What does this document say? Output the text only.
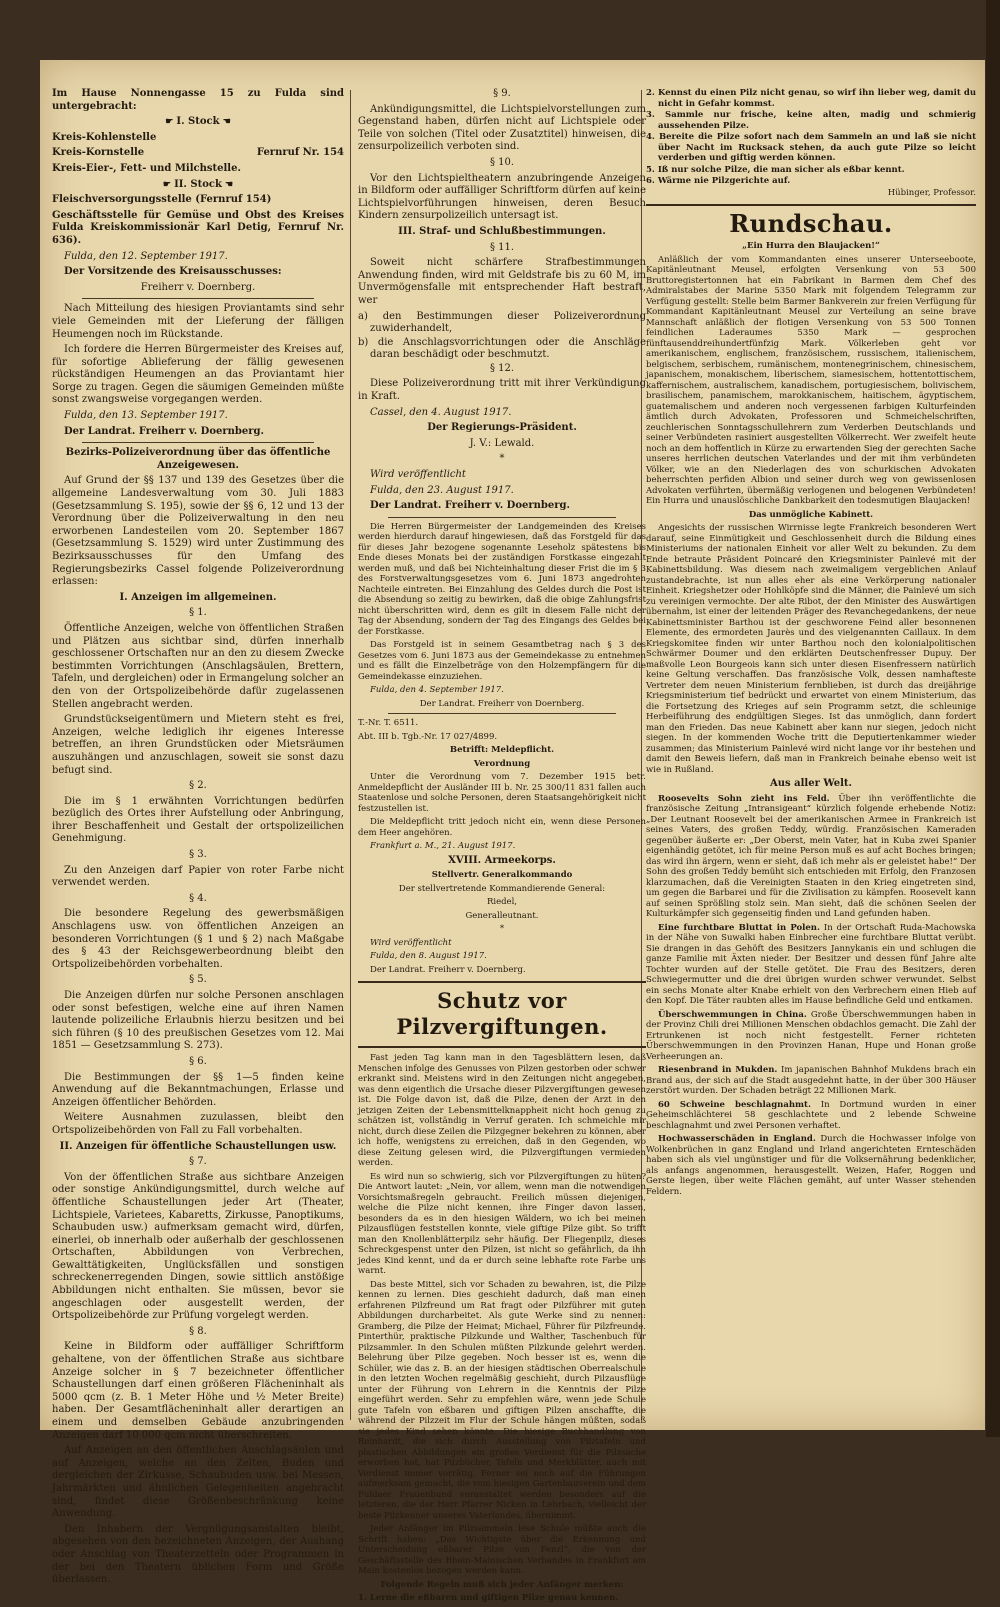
Im Hause Nonnengasse 15 zu Fulda sind untergebracht:

☛ I. Stock ☚

Kreis-Kohlenstelle

Kreis-Kornstelle	Fernruf Nr. 154

Kreis-Eier-, Fett- und Milchstelle.

☛ II. Stock ☚

Fleischversorgungsstelle (Fernruf 154)

Geschäftsstelle für Gemüse und Obst des Kreises Fulda Kreiskommissionär Karl Detig, Fernruf Nr. 636).

Fulda, den 12. September 1917.

Der Vorsitzende des Kreisausschusses:

Freiherr v. Doernberg.

Nach Mitteilung des hiesigen Proviantamts sind sehr viele Gemeinden mit der Lieferung der fälligen Heumengen noch im Rückstande.

Ich fordere die Herren Bürgermeister des Kreises auf, für sofortige Ablieferung der fällig gewesenen rückständigen Heumengen an das Proviantamt hier Sorge zu tragen. Gegen die säumigen Gemeinden müßte sonst zwangsweise vorgegangen werden.

Fulda, den 13. September 1917.

Der Landrat. Freiherr v. Doernberg.

Bezirks-Polizeiverordnung über das öffentliche Anzeigewesen.

Auf Grund der §§ 137 und 139 des Gesetzes über die allgemeine Landesverwaltung vom 30. Juli 1883 (Gesetzsammlung S. 195), sowie der §§ 6, 12 und 13 der Verordnung über die Polizeiverwaltung in den neu erworbenen Landesteilen vom 20. September 1867 (Gesetzsammlung S. 1529) wird unter Zustimmung des Bezirksausschusses für den Umfang des Regierungsbezirks Cassel folgende Polizeiverordnung erlassen:

I. Anzeigen im allgemeinen.

§ 1.

Öffentliche Anzeigen, welche von öffentlichen Straßen und Plätzen aus sichtbar sind, dürfen innerhalb geschlossener Ortschaften nur an den zu diesem Zwecke bestimmten Vorrichtungen (Anschlagsäulen, Brettern, Tafeln, und dergleichen) oder in Ermangelung solcher an den von der Ortspolizeibehörde dafür zugelassenen Stellen angebracht werden.

Grundstückseigentümern und Mietern steht es frei, Anzeigen, welche lediglich ihr eigenes Interesse betreffen, an ihren Grundstücken oder Mietsräumen auszuhängen und anzuschlagen, soweit sie sonst dazu befugt sind.

§ 2.

Die im § 1 erwähnten Vorrichtungen bedürfen bezüglich des Ortes ihrer Aufstellung oder Anbringung, ihrer Beschaffenheit und Gestalt der ortspolizeilichen Genehmigung.

§ 3.

Zu den Anzeigen darf Papier von roter Farbe nicht verwendet werden.

§ 4.

Die besondere Regelung des gewerbsmäßigen Anschlagens usw. von öffentlichen Anzeigen an besonderen Vorrichtungen (§ 1 und § 2) nach Maßgabe des § 43 der Reichsgewerbeordnung bleibt den Ortspolizeibehörden vorbehalten.

§ 5.

Die Anzeigen dürfen nur solche Personen anschlagen oder sonst befestigen, welche eine auf ihren Namen lautende polizeiliche Erlaubnis hierzu besitzen und bei sich führen (§ 10 des preußischen Gesetzes vom 12. Mai 1851 — Gesetzsammlung S. 273).

§ 6.

Die Bestimmungen der §§ 1—5 finden keine Anwendung auf die Bekanntmachungen, Erlasse und Anzeigen öffentlicher Behörden.

Weitere Ausnahmen zuzulassen, bleibt den Ortspolizeibehörden von Fall zu Fall vorbehalten.

II. Anzeigen für öffentliche Schaustellungen usw.

§ 7.

Von der öffentlichen Straße aus sichtbare Anzeigen oder sonstige Ankündigungsmittel, durch welche auf öffentliche Schaustellungen jeder Art (Theater, Lichtspiele, Varietees, Kabaretts, Zirkusse, Panoptikums, Schaubuden usw.) aufmerksam gemacht wird, dürfen, einerlei, ob innerhalb oder außerhalb der geschlossenen Ortschaften, Abbildungen von Verbrechen, Gewalttätigkeiten, Unglücksfällen und sonstigen schreckenerregenden Dingen, sowie sittlich anstößige Abbildungen nicht enthalten. Sie müssen, bevor sie angeschlagen oder ausgestellt werden, der Ortspolizeibehörde zur Prüfung vorgelegt werden.

§ 8.

Keine in Bildform oder auffälliger Schriftform gehaltene, von der öffentlichen Straße aus sichtbare Anzeige solcher in § 7 bezeichneter öffentlicher Schaustellungen darf einen größeren Flächeninhalt als 5000 qcm (z. B. 1 Meter Höhe und ½ Meter Breite) haben. Der Gesamtflächeninhalt aller derartigen an einem und demselben Gebäude anzubringenden Anzeigen darf 10 000 qcm nicht überschreiten.

Auf Anzeigen an den öffentlichen Anschlagsäulen und auf Anzeigen, welche an den Zelten, Buden und dergleichen der Zirkusse, Schaubuden usw. bei Messen, Jahrmärkten und ähnlichen Gelegenheiten angebracht sind, findet diese Größenbeschränkung keine Anwendung.

Den Inhabern der Vergnügungsanstalten bleibt, abgesehen von den bezeichneten Anzeigen, der Aushang oder Anschlag von Theaterzetteln oder Programmen in der bei den Theatern üblichen Form und Größe überlassen.

§ 9.

Ankündigungsmittel, die Lichtspielvorstellungen zum Gegenstand haben, dürfen nicht auf Lichtspiele oder Teile von solchen (Titel oder Zusatztitel) hinweisen, die zensurpolizeilich verboten sind.

§ 10.

Vor den Lichtspieltheatern anzubringende Anzeigen in Bildform oder auffälliger Schriftform dürfen auf keine Lichtspielvorführungen hinweisen, deren Besuch Kindern zensurpolizeilich untersagt ist.

III. Straf- und Schlußbestimmungen.

§ 11.

Soweit nicht schärfere Strafbestimmungen Anwendung finden, wird mit Geldstrafe bis zu 60 M, im Unvermögensfalle mit entsprechender Haft bestraft, wer

a) den Bestimmungen dieser Polizeiverordnung zuwiderhandelt,

b) die Anschlagsvorrichtungen oder die Anschläge daran beschädigt oder beschmutzt.

§ 12.

Diese Polizeiverordnung tritt mit ihrer Verkündigung in Kraft.

Cassel, den 4. August 1917.

Der Regierungs-Präsident.

J. V.: Lewald.

*

Wird veröffentlicht

Fulda, den 23. August 1917.

Der Landrat. Freiherr v. Doernberg.

Die Herren Bürgermeister der Landgemeinden des Kreises werden hierdurch darauf hingewiesen, daß das Forstgeld für das für dieses Jahr bezogene sogenannte Leseholz spätestens bis Ende dieses Monats bei der zuständigen Forstkasse eingezahlt werden muß, und daß bei Nichteinhaltung dieser Frist die im § 3 des Forstverwaltungsgesetzes vom 6. Juni 1873 angedrohten Nachteile eintreten. Bei Einzahlung des Geldes durch die Post ist die Absendung so zeitig zu bewirken, daß die obige Zahlungsfrist nicht überschritten wird, denn es gilt in diesem Falle nicht der Tag der Absendung, sondern der Tag des Eingangs des Geldes bei der Forstkasse.

Das Forstgeld ist in seinem Gesamtbetrag nach § 3 des Gesetzes vom 6. Juni 1873 aus der Gemeindekasse zu entnehmen und es fällt die Einzelbeträge von den Holzempfängern für die Gemeindekasse einzuziehen.

Fulda, den 4. September 1917.

Der Landrat. Freiherr von Doernberg.

T.-Nr. T. 6511.

Abt. III b. Tgb.-Nr. 17 027/4899.

Betrifft: Meldepflicht.

Verordnung

Unter die Verordnung vom 7. Dezember 1915 betr. Anmeldepflicht der Ausländer III b. Nr. 25 300/11 831 fallen auch Staatenlose und solche Personen, deren Staatsangehörigkeit nicht festzustellen ist.

Die Meldepflicht tritt jedoch nicht ein, wenn diese Personen dem Heer angehören.

Frankfurt a. M., 21. August 1917.

XVIII. Armeekorps.

Stellvertr. Generalkommando

Der stellvertretende Kommandierende General:

Riedel,

Generalleutnant.

*

Wird veröffentlicht

Fulda, den 8. August 1917.

Der Landrat. Freiherr v. Doernberg.

Schutz vor Pilzvergiftungen.

Fast jeden Tag kann man in den Tagesblättern lesen, daß Menschen infolge des Genusses von Pilzen gestorben oder schwer erkrankt sind. Meistens wird in den Zeitungen nicht angegeben, was denn eigentlich die Ursache dieser Pilzvergiftungen gewesen ist. Die Folge davon ist, daß die Pilze, denen der Arzt in den jetzigen Zeiten der Lebensmittelknappheit nicht hoch genug zu schätzen ist, vollständig in Verruf geraten. Ich schmeichle mir nicht, durch diese Zeilen die Pilzgegner bekehren zu können, aber ich hoffe, wenigstens zu erreichen, daß in den Gegenden, wo diese Zeitung gelesen wird, die Pilzvergiftungen vermieden werden.

Es wird nun so schwierig, sich vor Pilzvergiftungen zu hüten? Die Antwort lautet: „Nein, vor allem, wenn man die notwendigen Vorsichtsmaßregeln gebraucht. Freilich müssen diejenigen, welche die Pilze nicht kennen, ihre Finger davon lassen, besonders da es in den hiesigen Wäldern, wo ich bei meinen Pilzausflügen feststellen konnte, viele giftige Pilze gibt. So trifft man den Knollenblätterpilz sehr häufig. Der Fliegenpilz, dieses Schreckgespenst unter den Pilzen, ist nicht so gefährlich, da ihn jedes Kind kennt, und da er durch seine lebhafte rote Farbe uns warnt.

Das beste Mittel, sich vor Schaden zu bewahren, ist, die Pilze kennen zu lernen. Dies geschieht dadurch, daß man einen erfahrenen Pilzfreund um Rat fragt oder Pilzführer mit guten Abbildungen durcharbeitet. Als gute Werke sind zu nennen: Gramberg, die Pilze der Heimat; Michael, Führer für Pilzfreunde. Pinterthür, praktische Pilzkunde und Walther, Taschenbuch für Pilzsammler. In den Schulen müßten Pilzkunde gelehrt werden. Belehrung über Pilze gegeben. Noch besser ist es, wenn die Schüler, wie das z. B. an der hiesigen städtischen Oberrealschule in den letzten Wochen regelmäßig geschieht, durch Pilzausflüge unter der Führung von Lehrern in die Kenntnis der Pilze eingeführt werden. Sehr zu empfehlen wäre, wenn jede Schule gute Tafeln von eßbaren und giftigen Pilzen anschaffte, die während der Pilzzeit im Flur der Schule hängen müßten, sodaß sie jedes Kind sehen könnte. Die hiesige Buchhandlung von Reinhardt, die sich durch Ausstellung von Pilztafeln und plastischen Abbildungen ein großes Verdienst für die Pilzsache erworben hat, hat Pilzbücher, Tafeln und Merkblätter, auch mit Verdienst immer vorrätig. Ferner sei noch auf die Führungen aufmerksam gemacht, die vom hiesigen Gartenbauverein und dem Fuldaer Frauenbund veranstaltet werden besonders auf die letzteren, die der Herr Pfarrer Nicken in Lehrbach, vielleicht der beste Pilzkenner unseres Vaterlandes, übernimmt.

Jeder Anfänger im Pilzsammeln lese Schule müßte auch die Schrift haben: „Das Wichtigste über die Erkennung und Unterscheidung eßbarer Pilze von Fenzl“, die von der Geschäftsstelle des Rhein-Mainischen Verbandes in Frankfurt am Main kostenlos bezogen werden kann.

Folgende Regeln muß sich jeder Anfänger merken:

1. Lerne die eßbaren und giftigen Pilze genau kennen.

2. Kennst du einen Pilz nicht genau, so wirf ihn lieber weg, damit du nicht in Gefahr kommst.

3. Sammle nur frische, keine alten, madig und schmierig aussehenden Pilze.

4. Bereite die Pilze sofort nach dem Sammeln an und laß sie nicht über Nacht im Rucksack stehen, da auch gute Pilze so leicht verderben und giftig werden können.

5. Iß nur solche Pilze, die man sicher als eßbar kennt.

6. Wärme nie Pilzgerichte auf.

Hübinger, Professor.

Rundschau.

„Ein Hurra den Blaujacken!“

Anläßlich der vom Kommandanten eines unserer Unterseeboote, Kapitänleutnant Meusel, erfolgten Versenkung von 53 500 Bruttoregistertonnen hat ein Fabrikant in Barmen dem Chef des Admiralstabes der Marine 5350 Mark mit folgendem Telegramm zur Verfügung gestellt: Stelle beim Barmer Bankverein zur freien Verfügung für Kommandant Kapitänleutnant Meusel zur Verteilung an seine brave Mannschaft anläßlich der flotigen Versenkung von 53 500 Tonnen feindlichen Laderaumes 5350 Mark — gesprochen fünftausenddreihundertfünfzig Mark. Völkerleben geht vor amerikanischem, englischem, französischem, russischem, italienischem, belgischem, serbischem, rumänischem, montenegrinischem, chinesischem, japanischem, monakischem, liberischem, siamesischem, hottentottischem, kaffernischem, australischem, kanadischem, portugiesischem, bolivischem, brasilischem, panamischem, marokkanischem, haitischem, ägyptischem, guatemalischem und anderen noch vergessenen farbigen Kulturfeinden ämtlich durch Advokaten, Professoren und Schmeichelschriften, zeuchlerischen Sonntagsschullehrern zum Verderben Deutschlands und seiner Verbündeten rasiniert ausgestellten Völkerrecht. Wer zweifelt heute noch an dem hoffentlich in Kürze zu erwartenden Sieg der gerechten Sache unseres herrlichen deutschen Vaterlandes und der mit ihm verbündeten Völker, wie an den Niederlagen des von schurkischen Advokaten beherrschten perfiden Albion und seiner durch weg von gewissenlosen Advokaten verführten, übermäßig verlogenen und belogenen Verbündeten! Ein Hurra und unauslöschliche Dankbarkeit den todesmutigen Blaujacken!

Das unmögliche Kabinett.

Angesichts der russischen Wirrnisse legte Frankreich besonderen Wert darauf, seine Einmütigkeit und Geschlossenheit durch die Bildung eines Ministeriums der nationalen Einheit vor aller Welt zu bekunden. Zu dem Ende betraute Präsident Poincaré den Kriegsminister Painlevé mit der Kabinettsbildung. Was diesem nach zweimaligem vergeblichen Anlauf zustandebrachte, ist nun alles eher als eine Verkörperung nationaler Einheit. Kriegshetzer oder Hohlköpfe sind die Männer, die Painlevé um sich zu vereinigen vermochte. Der alte Ribot, der den Minister des Auswärtigen übernahm, ist einer der leitenden Präger des Revanchegedankens, der neue Kabinettsminister Barthou ist der geschworene Feind aller besonnenen Elemente, des ermordeten Jaurès und des vielgenannten Caillaux. In dem Kriegskomitee finden wir unter Barthou noch den kolonialpolitischen Schwärmer Doumer und den erklärten Deutschenfresser Dupuy. Der maßvolle Leon Bourgeois kann sich unter diesen Eisenfressern natürlich keine Geltung verschaffen. Das französische Volk, dessen namhafteste Vertreter dem neuen Ministerium fernblieben, ist durch das dreijährige Kriegsministerium tief bedrückt und erwartet von einem Ministerium, das die Fortsetzung des Krieges auf sein Programm setzt, die schleunige Herbeiführung des endgültigen Sieges. Ist das unmöglich, dann fordert man den Frieden. Das neue Kabinett aber kann nur siegen, jedoch nicht siegen. In der kommenden Woche tritt die Deputiertenkammer wieder zusammen; das Ministerium Painlevé wird nicht lange vor ihr bestehen und damit den Beweis liefern, daß man in Frankreich beinahe ebenso weit ist wie in Rußland.

Aus aller Welt.

Roosevelts Sohn zieht ins Feld. Über ihn veröffentlichte die französische Zeitung „Intransigeant“ kürzlich folgende erhebende Notiz: „Der Leutnant Roosevelt bei der amerikanischen Armee in Frankreich ist seines Vaters, des großen Teddy, würdig. Französischen Kameraden gegenüber äußerte er: „Der Oberst, mein Vater, hat in Kuba zwei Spanier eigenhändig getötet, ich für meine Person muß es auf acht Boches bringen; das wird ihn ärgern, wenn er sieht, daß ich mehr als er geleistet habe!“ Der Sohn des großen Teddy bemüht sich entschieden mit Erfolg, den Franzosen klarzumachen, daß die Vereinigten Staaten in den Krieg eingetreten sind, um gegen die Barbarei und für die Zivilisation zu kämpfen. Roosevelt kann auf seinen Sprößling stolz sein. Man sieht, daß die schönen Seelen der Kulturkämpfer sich gegenseitig finden und Land gefunden haben.

Eine furchtbare Bluttat in Polen. In der Ortschaft Ruda-Machowska in der Nähe von Suwalki haben Einbrecher eine furchtbare Bluttat verübt. Sie drangen in das Gehöft des Besitzers Jannykanis ein und schlugen die ganze Familie mit Äxten nieder. Der Besitzer und dessen fünf Jahre alte Tochter wurden auf der Stelle getötet. Die Frau des Besitzers, deren Schwiegermutter und die drei übrigen wurden schwer verwundet. Selbst ein sechs Monate alter Knabe erhielt von den Verbrechern einen Hieb auf den Kopf. Die Täter raubten alles im Hause befindliche Geld und entkamen.

Überschwemmungen in China. Große Überschwemmungen haben in der Provinz Chili drei Millionen Menschen obdachlos gemacht. Die Zahl der Ertrunkenen ist noch nicht festgestellt. Ferner richteten Überschwemmungen in den Provinzen Hanan, Hupe und Honan große Verheerungen an.

Riesenbrand in Mukden. Im japanischen Bahnhof Mukdens brach ein Brand aus, der sich auf die Stadt ausgedehnt hatte, in der über 300 Häuser zerstört wurden. Der Schaden beträgt 22 Millionen Mark.

60 Schweine beschlagnahmt. In Dortmund wurden in einer Geheimschlächterei 58 geschlachtete und 2 lebende Schweine beschlagnahmt und zwei Personen verhaftet.

Hochwasserschäden in England. Durch die Hochwasser infolge von Wolkenbrüchen in ganz England und Irland angerichteten Ernteschäden haben sich als viel ungünstiger und für die Volksernährung bedenklicher, als anfangs angenommen, herausgestellt. Weizen, Hafer, Roggen und Gerste liegen, über weite Flächen gemäht, auf unter Wasser stehenden Feldern.
